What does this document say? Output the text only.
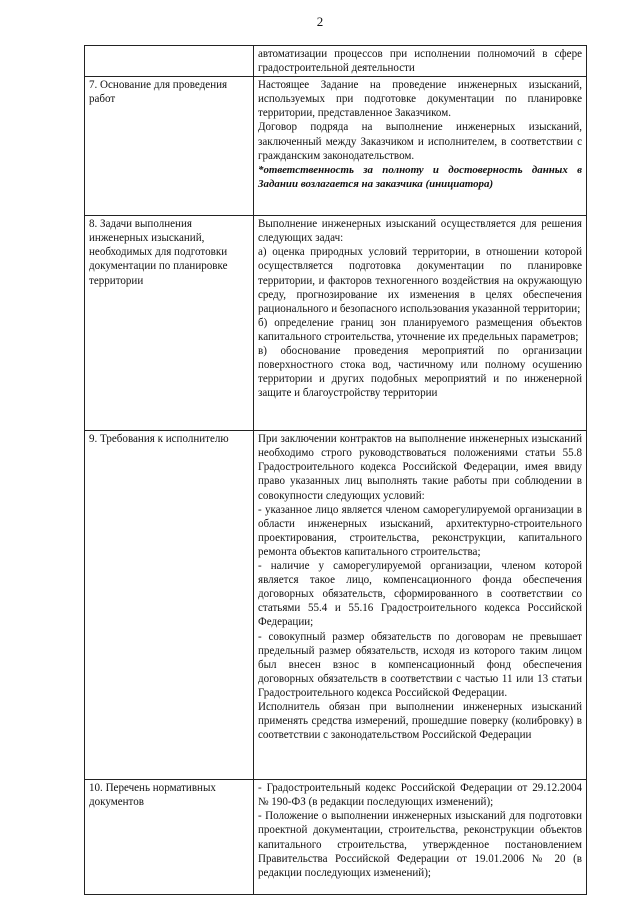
2

	автоматизации процессов при исполнении полномочий в сфере градостроительной деятельности

7. Основание для проведения работ	Настоящее Задание на проведение инженерных изысканий, используемых при подготовке документации по планировке территории, представленное Заказчиком.

Договор подряда на выполнение инженерных изысканий, заключенный между Заказчиком и исполнителем, в соответствии с гражданским законодательством.

*ответственность за полноту и достоверность данных в Задании возлагается на заказчика (инициатора)

8. Задачи выполнения инженерных изысканий, необходимых для подготовки документации по планировке территории	Выполнение инженерных изысканий осуществляется для решения следующих задач:

а) оценка природных условий территории, в отношении которой осуществляется подготовка документации по планировке территории, и факторов техногенного воздействия на окружающую среду, прогнозирование их изменения в целях обеспечения рационального и безопасного использования указанной территории;

б) определение границ зон планируемого размещения объектов капитального строительства, уточнение их предельных параметров;

в) обоснование проведения мероприятий по организации поверхностного стока вод, частичному или полному осушению территории и других подобных мероприятий и по инженерной защите и благоустройству территории

9. Требования к исполнителю	При заключении контрактов на выполнение инженерных изысканий необходимо строго руководствоваться положениями статьи 55.8 Градостроительного кодекса Российской Федерации, имея ввиду право указанных лиц выполнять такие работы при соблюдении в совокупности следующих условий:

- указанное лицо является членом саморегулируемой организации в области инженерных изысканий, архитектурно-строительного проектирования, строительства, реконструкции, капитального ремонта объектов капитального строительства;

- наличие у саморегулируемой организации, членом которой является такое лицо, компенсационного фонда обеспечения договорных обязательств, сформированного в соответствии со статьями 55.4 и 55.16 Градостроительного кодекса Российской Федерации;

- совокупный размер обязательств по договорам не превышает предельный размер обязательств, исходя из которого таким лицом был внесен взнос в компенсационный фонд обеспечения договорных обязательств в соответствии с частью 11 или 13 статьи Градостроительного кодекса Российской Федерации.

Исполнитель обязан при выполнении инженерных изысканий применять средства измерений, прошедшие поверку (колибровку) в соответствии с законодательством Российской Федерации

10. Перечень нормативных документов	- Градостроительный кодекс Российской Федерации от 29.12.2004 № 190-ФЗ (в редакции последующих изменений);

- Положение о выполнении инженерных изысканий для подготовки проектной документации, строительства, реконструкции объектов капитального строительства, утвержденное постановлением Правительства Российской Федерации от 19.01.2006 № 20 (в редакции последующих изменений);
